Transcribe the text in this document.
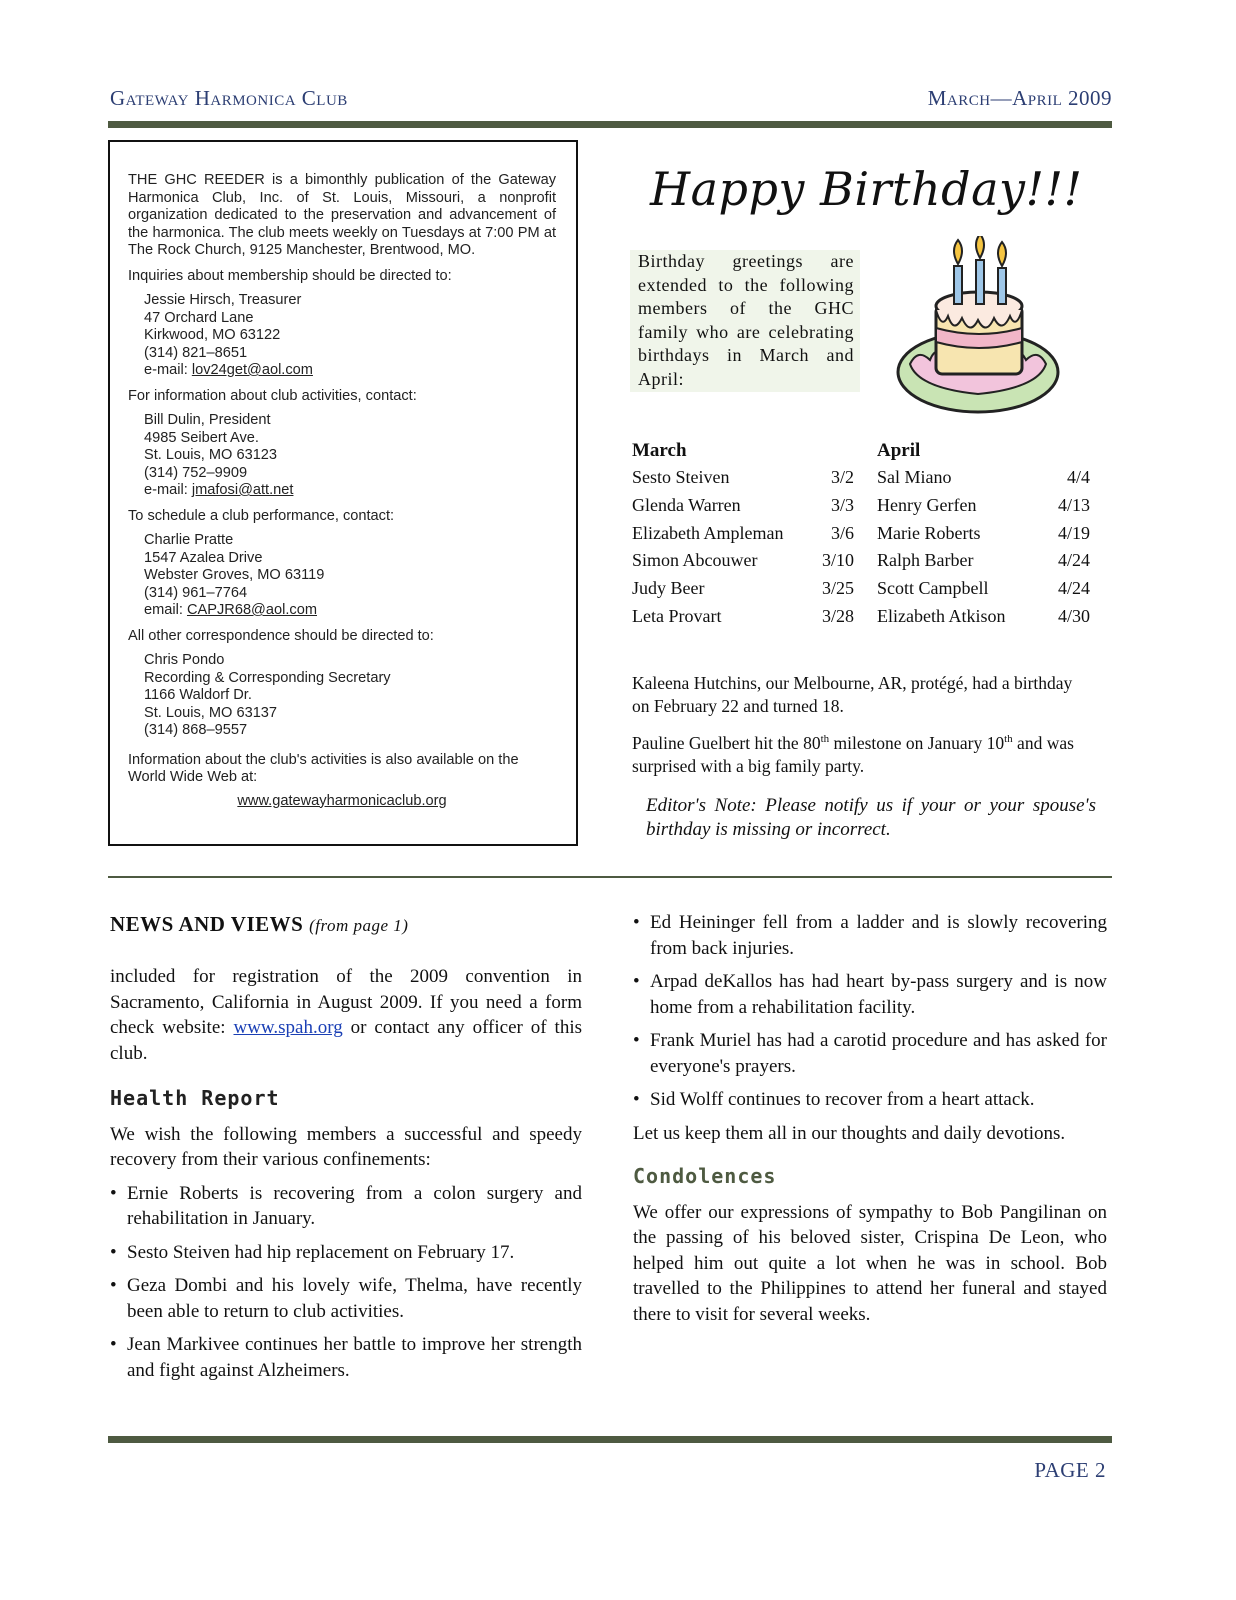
Gateway Harmonica Club	March—April 2009

THE GHC REEDER is a bimonthly publication of the Gateway Harmonica Club, Inc. of St. Louis, Missouri, a nonprofit organization dedicated to the preservation and advancement of the harmonica. The club meets weekly on Tuesdays at 7:00 PM at The Rock Church, 9125 Manchester, Brentwood, MO.

Inquiries about membership should be directed to:

Jessie Hirsch, Treasurer
47 Orchard Lane
Kirkwood, MO 63122
(314) 821–8651
e-mail: lov24get@aol.com

For information about club activities, contact:

Bill Dulin, President
4985 Seibert Ave.
St. Louis, MO 63123
(314) 752–9909
e-mail: jmafosi@att.net

To schedule a club performance, contact:

Charlie Pratte
1547 Azalea Drive
Webster Groves, MO 63119
(314) 961–7764
email: CAPJR68@aol.com

All other correspondence should be directed to:

Chris Pondo
Recording & Corresponding Secretary
1166 Waldorf Dr.
St. Louis, MO 63137
(314) 868–9557

Information about the club's activities is also available on the World Wide Web at:

www.gatewayharmonicaclub.org

Happy Birthday!!!
Birthday greetings are extended to the following members of the GHC family who are celebrating birthdays in March and April:
March
Sesto Steiven	3/2
Glenda Warren	3/3
Elizabeth Ampleman	3/6
Simon Abcouwer	3/10
Judy Beer	3/25
Leta Provart	3/28
April
Sal Miano	4/4
Henry Gerfen	4/13
Marie Roberts	4/19
Ralph Barber	4/24
Scott Campbell	4/24
Elizabeth Atkison	4/30

Kaleena Hutchins, our Melbourne, AR, protégé, had a birthday on February 22 and turned 18.

Pauline Guelbert hit the 80th milestone on January 10th and was surprised with a big family party.

Editor's Note: Please notify us if your or your spouse's birthday is missing or incorrect.
NEWS AND VIEWS (from page 1)

included for registration of the 2009 convention in Sacramento, California in August 2009. If you need a form check website: www.spah.org or contact any officer of this club.

Health Report

We wish the following members a successful and speedy recovery from their various confinements:

• Ernie Roberts is recovering from a colon surgery and rehabilitation in January.
• Sesto Steiven had hip replacement on February 17.
• Geza Dombi and his lovely wife, Thelma, have recently been able to return to club activities.
• Jean Markivee continues her battle to improve her strength and fight against Alzheimers.
• Ed Heininger fell from a ladder and is slowly recovering from back injuries.
• Arpad deKallos has had heart by-pass surgery and is now home from a rehabilitation facility.
• Frank Muriel has had a carotid procedure and has asked for everyone's prayers.
• Sid Wolff continues to recover from a heart attack.

Let us keep them all in our thoughts and daily devotions.

Condolences

We offer our expressions of sympathy to Bob Pangilinan on the passing of his beloved sister, Crispina De Leon, who helped him out quite a lot when he was in school. Bob travelled to the Philippines to attend her funeral and stayed there to visit for several weeks.

PAGE 2
